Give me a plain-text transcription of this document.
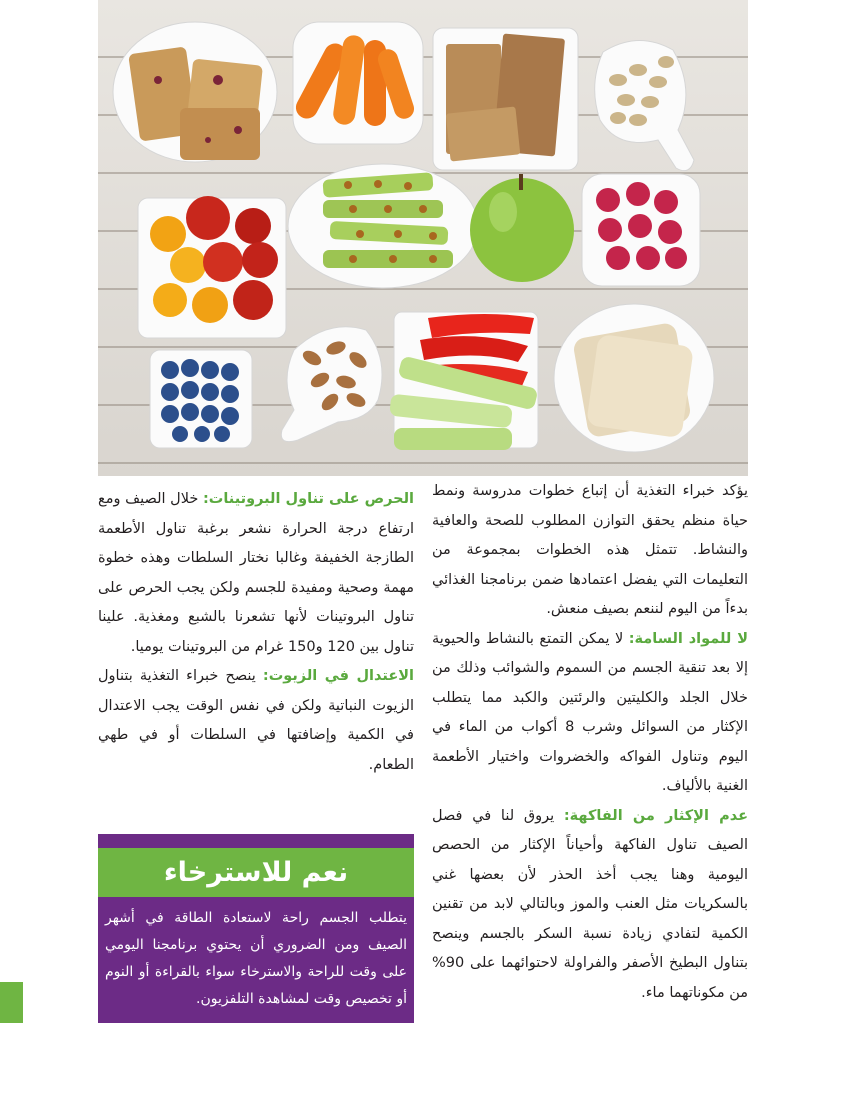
يؤكد خبراء التغذية أن إتباع خطوات مدروسة ونمط حياة منظم يحقق التوازن المطلوب للصحة والعافية والنشاط. تتمثل هذه الخطوات بمجموعة من التعليمات التي يفضل اعتمادها ضمن برنامجنا الغذائي بدءاً من اليوم لننعم بصيف منعش.

لا للمواد السامة: لا يمكن التمتع بالنشاط والحيوية إلا بعد تنقية الجسم من السموم والشوائب وذلك من خلال الجلد والكليتين والرئتين والكبد مما يتطلب الإكثار من السوائل وشرب 8 أكواب من الماء في اليوم وتناول الفواكه والخضروات واختيار الأطعمة الغنية بالألياف.

عدم الإكثار من الفاكهة: يروق لنا في فصل الصيف تناول الفاكهة وأحياناً الإكثار من الحصص اليومية وهنا يجب أخذ الحذر لأن بعضها غني بالسكريات مثل العنب والموز وبالتالي لابد من تقنين الكمية لتفادي زيادة نسبة السكر بالجسم وينصح بتناول البطيخ الأصفر والفراولة لاحتوائهما على 90% من مكوناتهما ماء.

الحرص على تناول البروتينات: خلال الصيف ومع ارتفاع درجة الحرارة نشعر برغبة تناول الأطعمة الطازجة الخفيفة وغالبا نختار السلطات وهذه خطوة مهمة وصحية ومفيدة للجسم ولكن يجب الحرص على تناول البروتينات لأنها تشعرنا بالشبع ومغذية. علينا تناول بين 120 و150 غرام من البروتينات يوميا.

الاعتدال في الزيوت: ينصح خبراء التغذية بتناول الزيوت النباتية ولكن في نفس الوقت يجب الاعتدال في الكمية وإضافتها في السلطات أو في طهي الطعام.

نعم للاسترخاء
يتطلب الجسم راحة لاستعادة الطاقة في أشهر الصيف ومن الضروري أن يحتوي برنامجنا اليومي على وقت للراحة والاسترخاء سواء بالقراءة أو النوم أو تخصيص وقت لمشاهدة التلفزيون.
